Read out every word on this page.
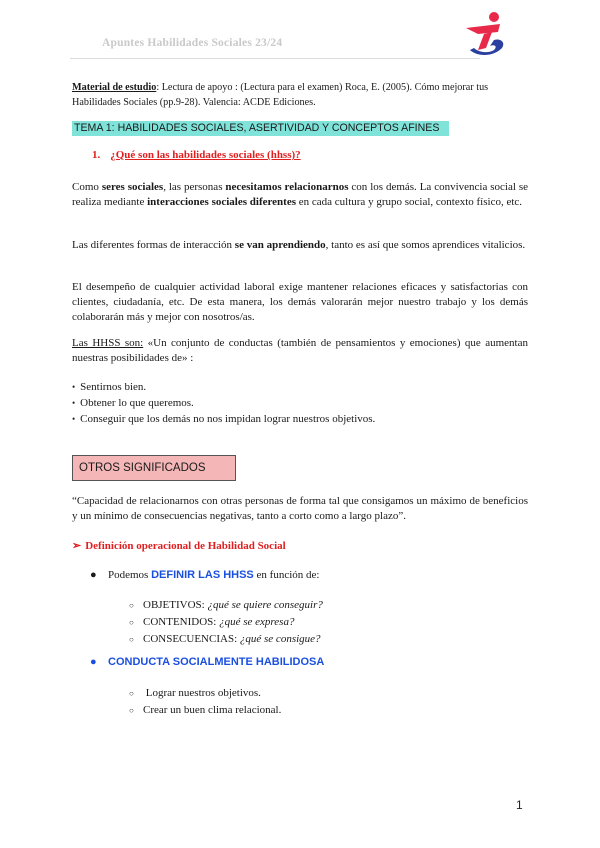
Apuntes Habilidades Sociales 23/24
Material de estudio: Lectura de apoyo : (Lectura para el examen) Roca, E. (2005). Cómo mejorar tus Habilidades Sociales (pp.9-28). Valencia: ACDE Ediciones.
TEMA 1: HABILIDADES SOCIALES, ASERTIVIDAD Y CONCEPTOS AFINES
1. ¿Qué son las habilidades sociales (hhss)?
Como seres sociales, las personas necesitamos relacionarnos con los demás. La convivencia social se realiza mediante interacciones sociales diferentes en cada cultura y grupo social, contexto físico, etc.
Las diferentes formas de interacción se van aprendiendo, tanto es así que somos aprendices vitalicios.
El desempeño de cualquier actividad laboral exige mantener relaciones eficaces y satisfactorias con clientes, ciudadanía, etc. De esta manera, los demás valorarán mejor nuestro trabajo y los demás colaborarán más y mejor con nosotros/as.
Las HHSS son: «Un conjunto de conductas (también de pensamientos y emociones) que aumentan nuestras posibilidades de» :
• Sentirnos bien.
• Obtener lo que queremos.
• Conseguir que los demás no nos impidan lograr nuestros objetivos.
OTROS SIGNIFICADOS
“Capacidad de relacionarnos con otras personas de forma tal que consigamos un máximo de beneficios y un mínimo de consecuencias negativas, tanto a corto como a largo plazo”.
➢ Definición operacional de Habilidad Social
● Podemos DEFINIR LAS HHSS en función de:
○ OBJETIVOS: ¿qué se quiere conseguir?
○ CONTENIDOS: ¿qué se expresa?
○ CONSECUENCIAS: ¿qué se consigue?
● CONDUCTA SOCIALMENTE HABILIDOSA
○ Lograr nuestros objetivos.
○ Crear un buen clima relacional.
1
